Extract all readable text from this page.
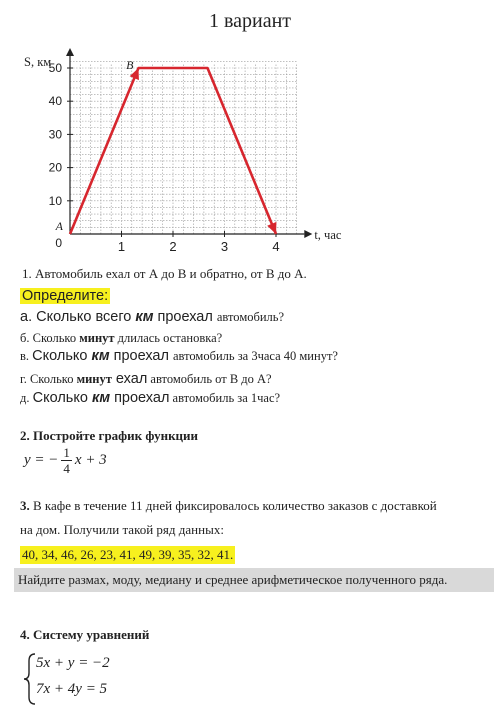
1 вариант
1	2	3	4
10
20
30
40
50
0
A
B
S, км
t, час
1. Автомобиль ехал от А до В и обратно, от В до А.
Определите:
а. Сколько всего км проехал автомобиль?
б. Сколько минут длилась остановка?
в. Сколько км проехал автомобиль за 3часа 40 минут?
г. Сколько минут ехал автомобиль от В до А?
д. Сколько км проехал автомобиль за 1час?
2. Постройте график функции
y = − $\frac{1}{4}$ x + 3
3. В кафе в течение 11 дней фиксировалось количество заказов с доставкой
на дом. Получили такой ряд данных:
40, 34, 46, 26, 23, 41, 49, 39, 35, 32, 41.
Найдите размах, моду, медиану и среднее арифметическое полученного ряда.
4. Систему уравнений
5x + y = −2
7x + 4y = 5
